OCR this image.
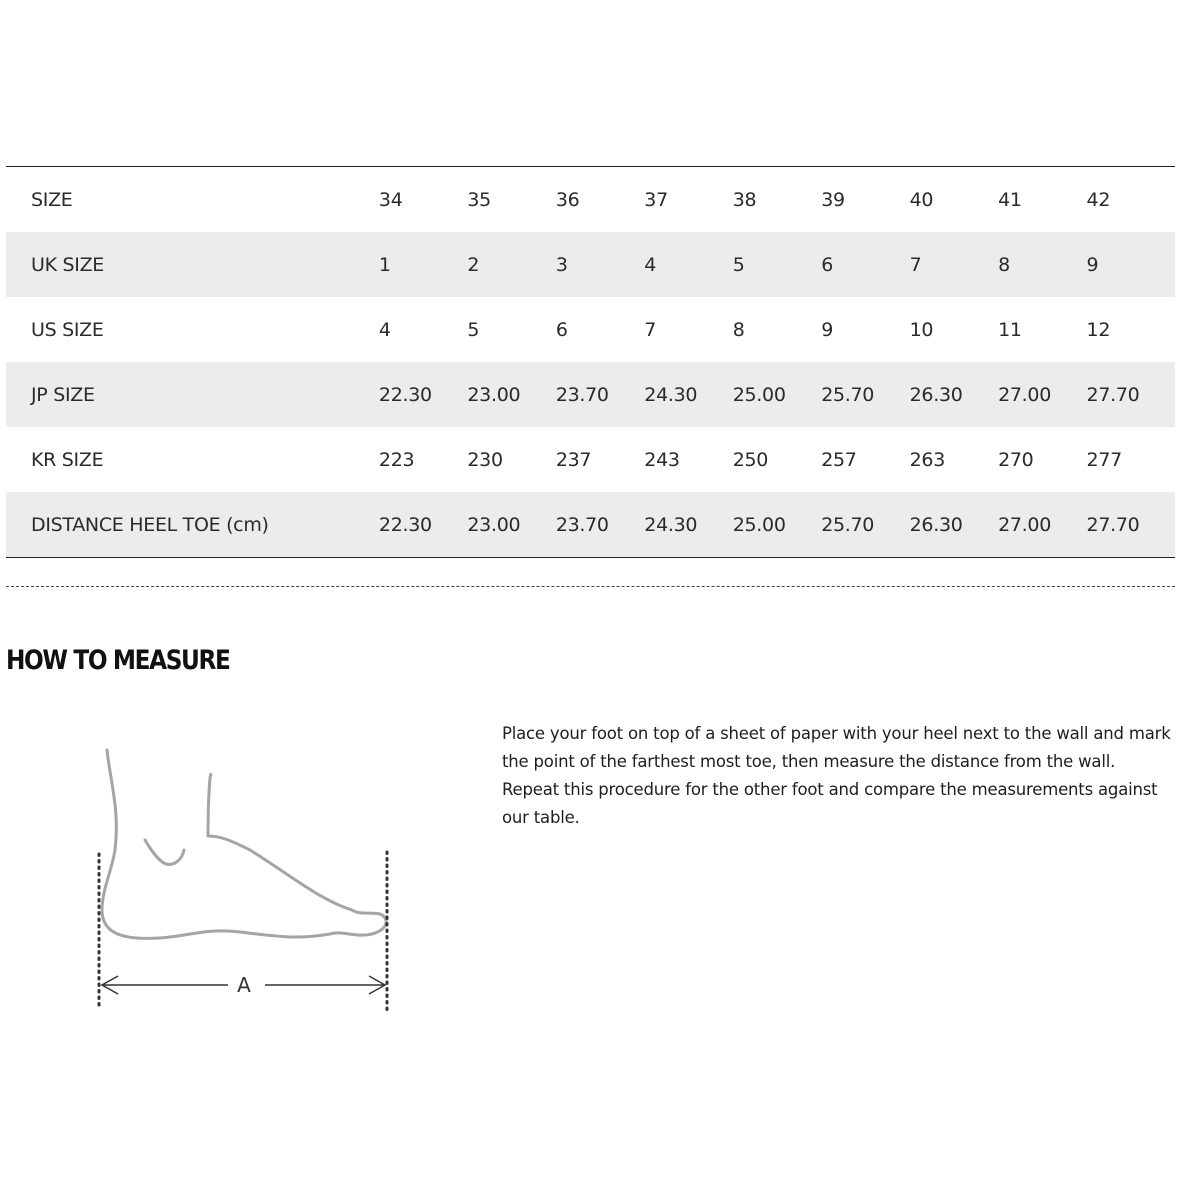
SIZE	34	35	36	37	38	39	40	41	42
UK SIZE	1	2	3	4	5	6	7	8	9
US SIZE	4	5	6	7	8	9	10	11	12
JP SIZE	22.30	23.00	23.70	24.30	25.00	25.70	26.30	27.00	27.70
KR SIZE	223	230	237	243	250	257	263	270	277
DISTANCE HEEL TOE (cm)	22.30	23.00	23.70	24.30	25.00	25.70	26.30	27.00	27.70
HOW TO MEASURE

Place your foot on top of a sheet of paper with your heel next to the wall and mark the point of the farthest most toe, then measure the distance from the wall. Repeat this procedure for the other foot and compare the measurements against our table.

A
